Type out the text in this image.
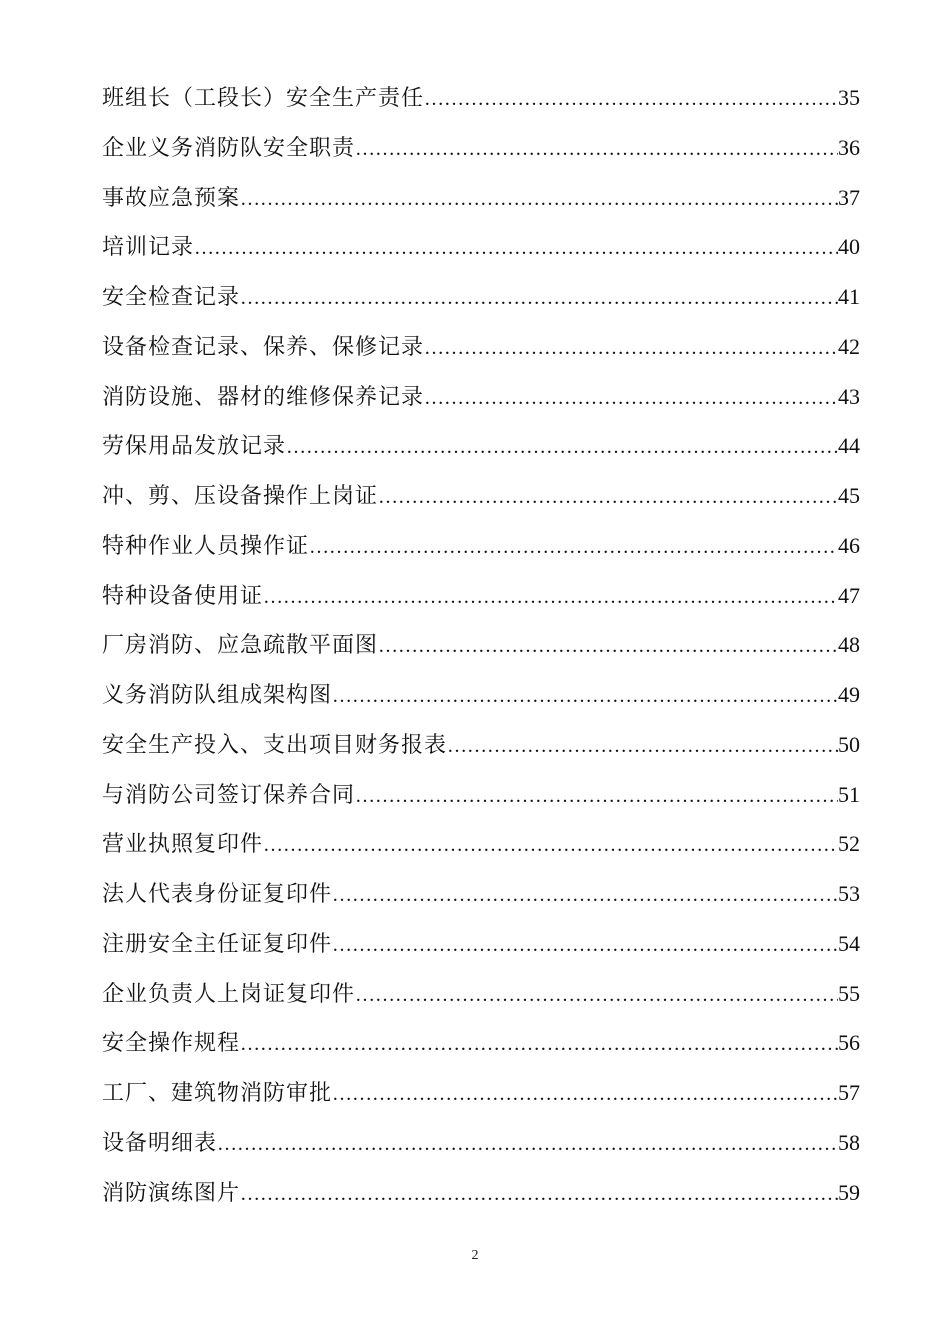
班组长（工段长）安全生产责任 ……………………………………………………………………………………………………………………………………………………………	35
企业义务消防队安全职责 ……………………………………………………………………………………………………………………………………………………………	36
事故应急预案 ……………………………………………………………………………………………………………………………………………………………	37
培训记录 ……………………………………………………………………………………………………………………………………………………………	40
安全检查记录 ……………………………………………………………………………………………………………………………………………………………	41
设备检查记录、保养、保修记录 ……………………………………………………………………………………………………………………………………………………………	42
消防设施、器材的维修保养记录 ……………………………………………………………………………………………………………………………………………………………	43
劳保用品发放记录 ……………………………………………………………………………………………………………………………………………………………	44
冲、剪、压设备操作上岗证 ……………………………………………………………………………………………………………………………………………………………	45
特种作业人员操作证 ……………………………………………………………………………………………………………………………………………………………	46
特种设备使用证 ……………………………………………………………………………………………………………………………………………………………	47
厂房消防、应急疏散平面图 ……………………………………………………………………………………………………………………………………………………………	48
义务消防队组成架构图 ……………………………………………………………………………………………………………………………………………………………	49
安全生产投入、支出项目财务报表 ……………………………………………………………………………………………………………………………………………………………	50
与消防公司签订保养合同 ……………………………………………………………………………………………………………………………………………………………	51
营业执照复印件 ……………………………………………………………………………………………………………………………………………………………	52
法人代表身份证复印件 ……………………………………………………………………………………………………………………………………………………………	53
注册安全主任证复印件 ……………………………………………………………………………………………………………………………………………………………	54
企业负责人上岗证复印件 ……………………………………………………………………………………………………………………………………………………………	55
安全操作规程 ……………………………………………………………………………………………………………………………………………………………	56
工厂、建筑物消防审批 ……………………………………………………………………………………………………………………………………………………………	57
设备明细表 ……………………………………………………………………………………………………………………………………………………………	58
消防演练图片 ……………………………………………………………………………………………………………………………………………………………	59
2
